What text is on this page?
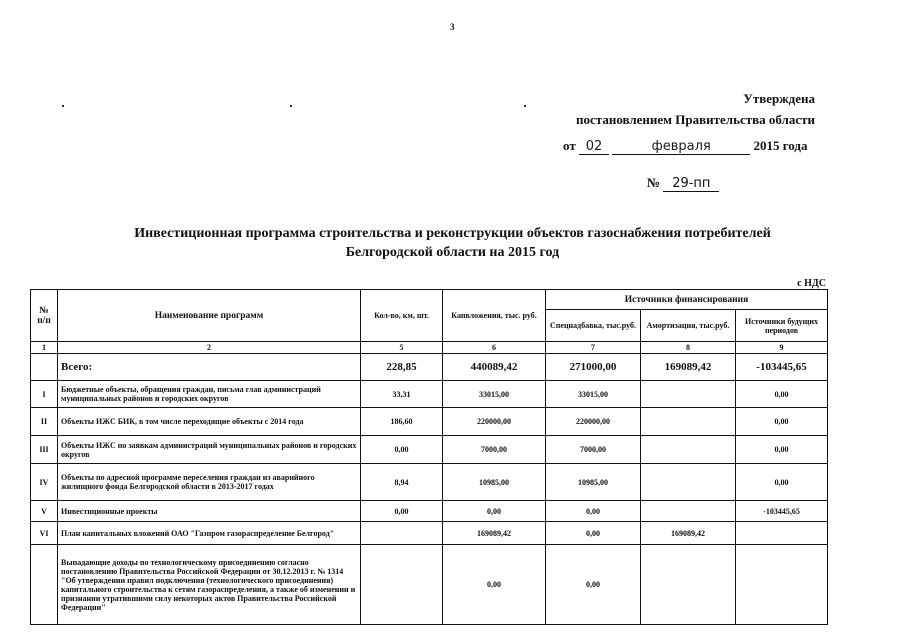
3
Утверждена
постановлением Правительства области
от 02	февраля	2015 года
№ 29-пп
Инвестиционная программа строительства и реконструкции объектов газоснабжения потребителей
Белгородской области на 2015 год
с НДС
№ п/п	Наименование программ	Кол-во, км, шт.	Капвложения, тыс. руб.	Источники финансирования		
				Спецнадбавка, тыс.руб.	Амортизация, тыс.руб.	Источники будущих периодов
1	2	5	6	7	8	9
	Всего:	228,85	440089,42	271000,00	169089,42	-103445,65
I	Бюджетные объекты, обращения граждан, письма глав администраций муниципальных районов и городских округов	33,31	33015,00	33015,00		0,00
II	Объекты ИЖС БИК, в том числе переходящие объекты с 2014 года	186,60	220000,00	220000,00		0,00
III	Объекты ИЖС по заявкам администраций муниципальных районов и городских округов	0,00	7000,00	7000,00		0,00
IV	Объекты по адресной программе переселения граждан из аварийного жилищного фонда Белгородской области в 2013-2017 годах	8,94	10985,00	10985,00		0,00
V	Инвестиционные проекты	0,00	0,00	0,00		-103445,65
VI	План капитальных вложений ОАО "Газпром газораспределение Белгород"		169089,42	0,00	169089,42	
	Выпадающие доходы по технологическому присоединению согласно постановлению Правительства Российской Федерации от 30.12.2013 г. № 1314 "Об утверждении правил подключения (технологического присоединения) капитального строительства к сетям газораспределения, а также об изменении и признании утратившими силу некоторых актов Правительства Российской Федерации"		0,00	0,00		
